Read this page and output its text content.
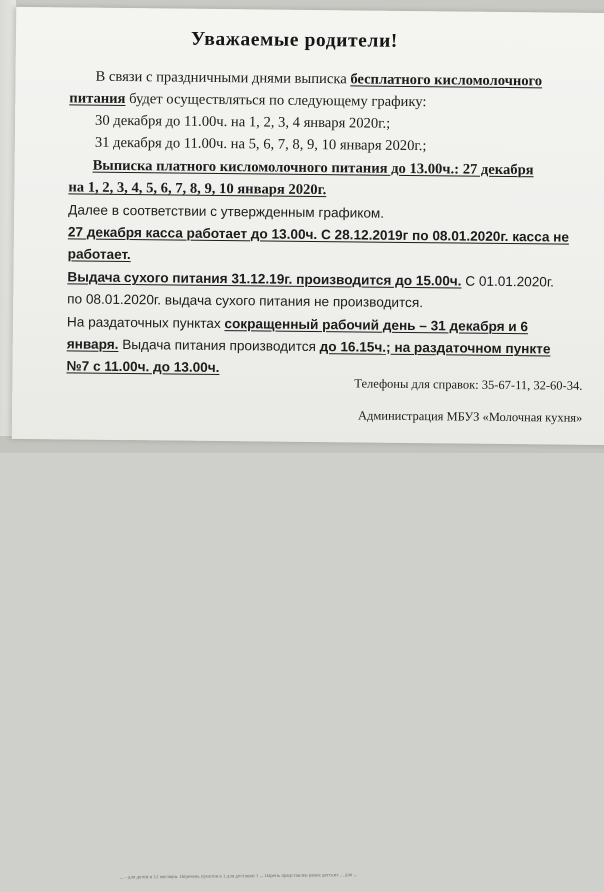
... - для детей и 12 месяцев. Перечень пунктов в 1 для доставки 1 ... Парень представлен ранее детских ... для ...
Уважаемые родители!
В связи с праздничными днями выписка бесплатного кисломолочного
питания будет осуществляться по следующему графику:
30 декабря до 11.00ч. на 1, 2, 3, 4 января 2020г.;
31 декабря до 11.00ч. на 5, 6, 7, 8, 9, 10 января 2020г.;
Выписка платного кисломолочного питания до 13.00ч.: 27 декабря
на 1, 2, 3, 4, 5, 6, 7, 8, 9, 10 января 2020г.
Далее в соответствии с утвержденным графиком.
27 декабря касса работает до 13.00ч. С 28.12.2019г по 08.01.2020г. касса не
работает.
Выдача сухого питания 31.12.19г. производится до 15.00ч. С 01.01.2020г.
по 08.01.2020г. выдача сухого питания не производится.
На раздаточных пунктах сокращенный рабочий день – 31 декабря и 6
января. Выдача питания производится до 16.15ч.; на раздаточном пункте
№7 с 11.00ч. до 13.00ч.
Телефоны для справок: 35-67-11, 32-60-34.
Администрация МБУЗ «Молочная кухня»
